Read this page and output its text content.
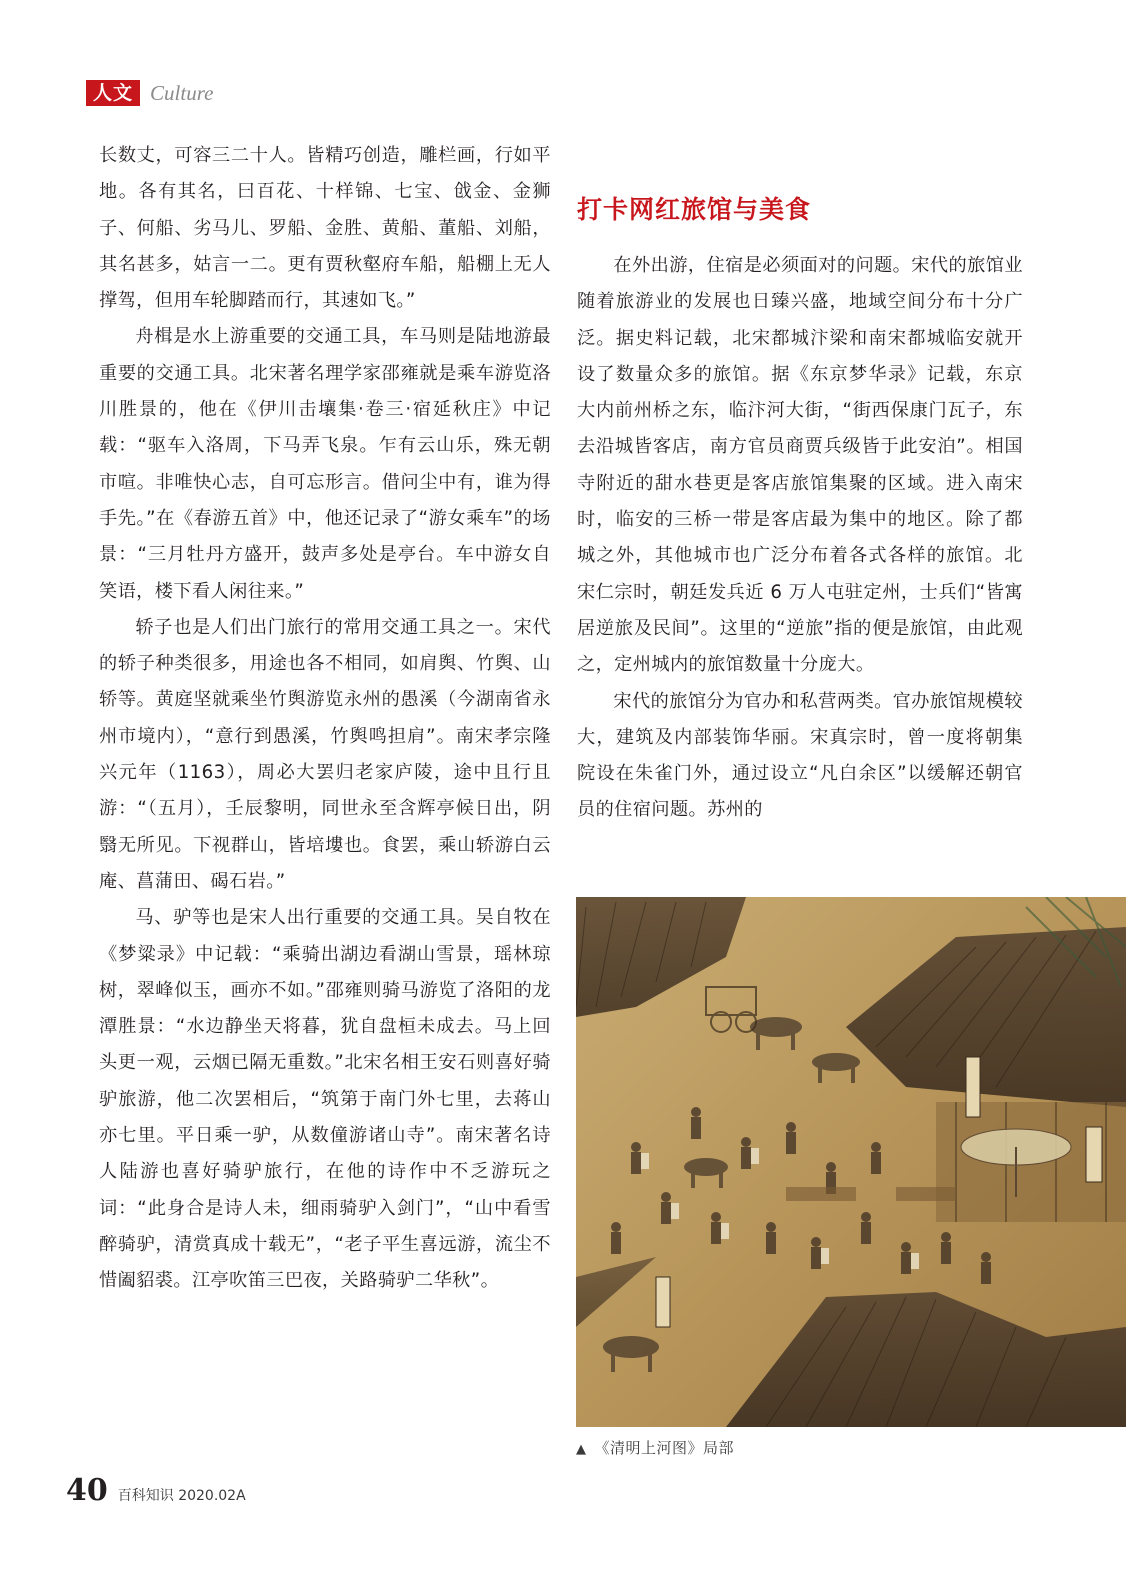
人文 Culture

长数丈，可容三二十人。皆精巧创造，雕栏画，行如平地。各有其名，曰百花、十样锦、七宝、戗金、金狮子、何船、劣马儿、罗船、金胜、黄船、董船、刘船，其名甚多，姑言一二。更有贾秋壑府车船，船棚上无人撑驾，但用车轮脚踏而行，其速如飞。”

舟楫是水上游重要的交通工具，车马则是陆地游最重要的交通工具。北宋著名理学家邵雍就是乘车游览洛川胜景的，他在《伊川击壤集·卷三·宿延秋庄》中记载：“驱车入洛周，下马弄飞泉。乍有云山乐，殊无朝市喧。非唯快心志，自可忘形言。借问尘中有，谁为得手先。”在《春游五首》中，他还记录了“游女乘车”的场景：“三月牡丹方盛开，鼓声多处是亭台。车中游女自笑语，楼下看人闲往来。”

轿子也是人们出门旅行的常用交通工具之一。宋代的轿子种类很多，用途也各不相同，如肩舆、竹舆、山轿等。黄庭坚就乘坐竹舆游览永州的愚溪（今湖南省永州市境内），“意行到愚溪，竹舆鸣担肩”。南宋孝宗隆兴元年（1163），周必大罢归老家庐陵，途中且行且游：“（五月），壬辰黎明，同世永至含辉亭候日出，阴翳无所见。下视群山，皆培塿也。食罢，乘山轿游白云庵、菖蒲田、碣石岩。”

马、驴等也是宋人出行重要的交通工具。吴自牧在《梦粱录》中记载：“乘骑出湖边看湖山雪景，瑶林琼树，翠峰似玉，画亦不如。”邵雍则骑马游览了洛阳的龙潭胜景：“水边静坐天将暮，犹自盘桓未成去。马上回头更一观，云烟已隔无重数。”北宋名相王安石则喜好骑驴旅游，他二次罢相后，“筑第于南门外七里，去蒋山亦七里。平日乘一驴，从数僮游诸山寺”。南宋著名诗人陆游也喜好骑驴旅行，在他的诗作中不乏游玩之词：“此身合是诗人未，细雨骑驴入剑门”，“山中看雪醉骑驴，清赏真成十载无”，“老子平生喜远游，流尘不惜阖貂裘。江亭吹笛三巴夜，关路骑驴二华秋”。

打卡网红旅馆与美食

在外出游，住宿是必须面对的问题。宋代的旅馆业随着旅游业的发展也日臻兴盛，地域空间分布十分广泛。据史料记载，北宋都城汴梁和南宋都城临安就开设了数量众多的旅馆。据《东京梦华录》记载，东京大内前州桥之东，临汴河大街，“街西保康门瓦子，东去沿城皆客店，南方官员商贾兵级皆于此安泊”。相国寺附近的甜水巷更是客店旅馆集聚的区域。进入南宋时，临安的三桥一带是客店最为集中的地区。除了都城之外，其他城市也广泛分布着各式各样的旅馆。北宋仁宗时，朝廷发兵近 6 万人屯驻定州，士兵们“皆寓居逆旅及民间”。这里的“逆旅”指的便是旅馆，由此观之，定州城内的旅馆数量十分庞大。

宋代的旅馆分为官办和私营两类。官办旅馆规模较大，建筑及内部装饰华丽。宋真宗时，曾一度将朝集院设在朱雀门外，通过设立“凡白余区”以缓解还朝官员的住宿问题。苏州的

▲ 《清明上河图》局部
40 百科知识 2020.02A
